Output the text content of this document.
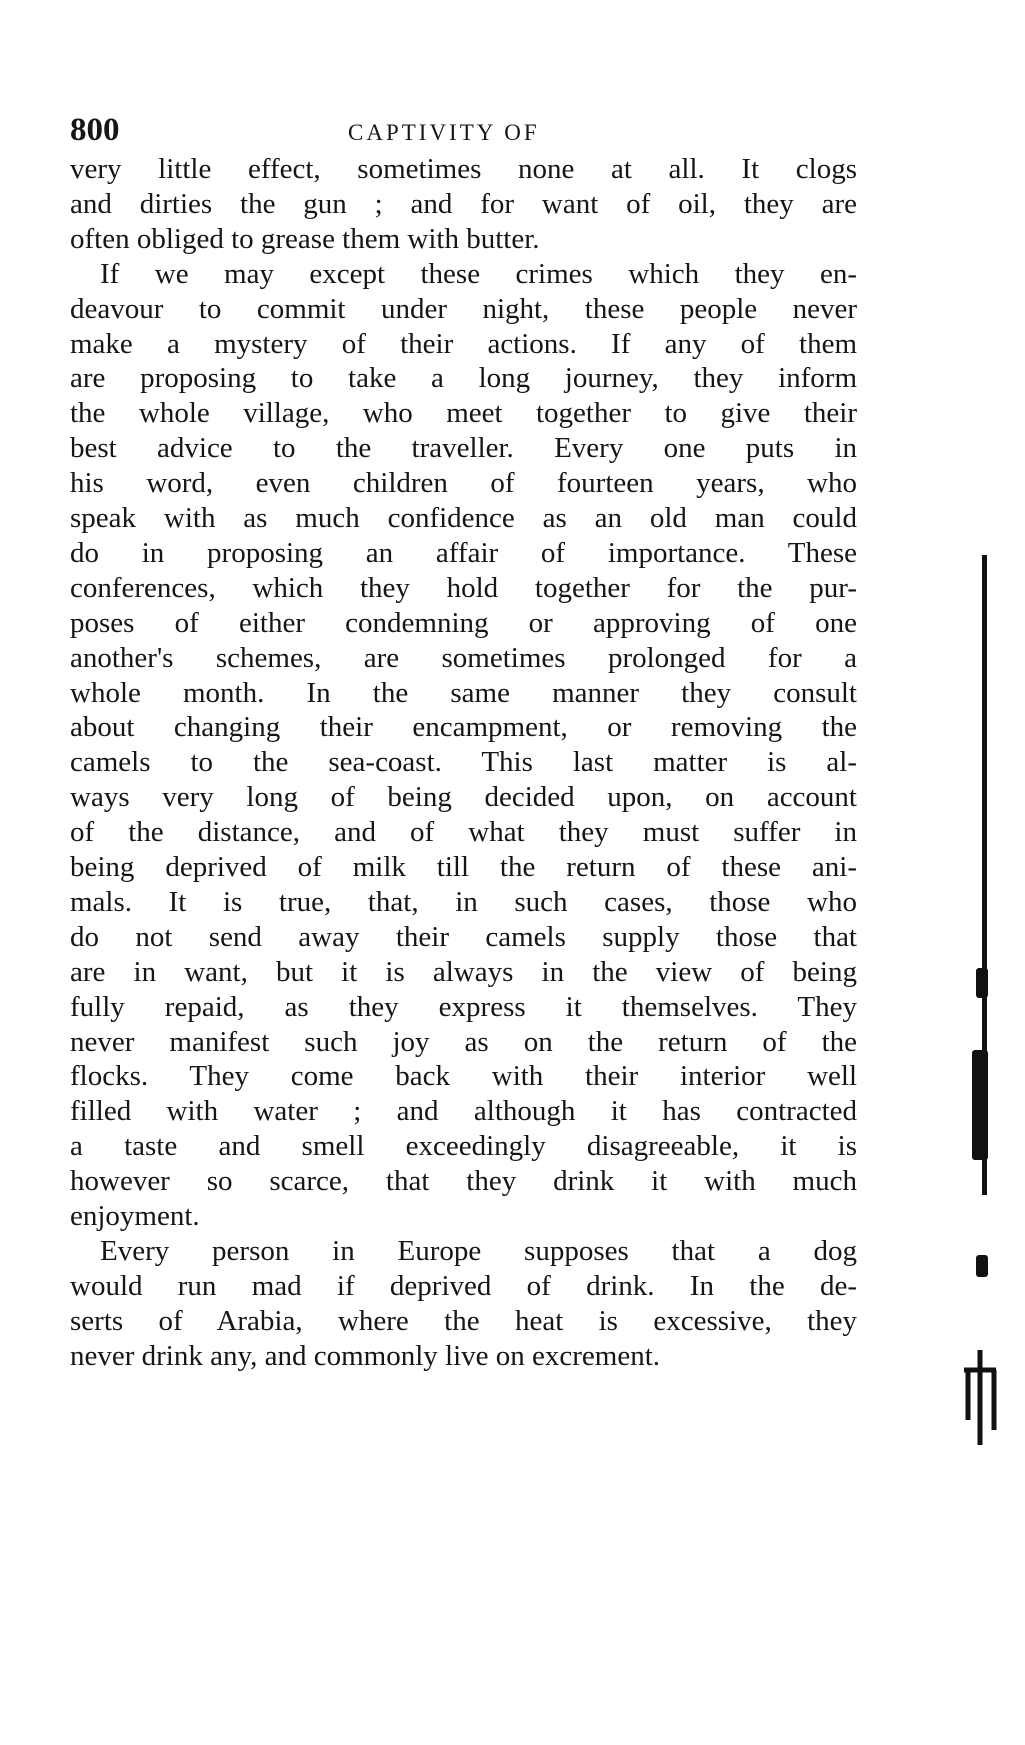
800	CAPTIVITY OF
very little effect, sometimes none at all. It clogs
and dirties the gun ; and for want of oil, they are
often obliged to grease them with butter.
If we may except these crimes which they en-
deavour to commit under night, these people never
make a mystery of their actions. If any of them
are proposing to take a long journey, they inform
the whole village, who meet together to give their
best advice to the traveller. Every one puts in
his word, even children of fourteen years, who
speak with as much confidence as an old man could
do in proposing an affair of importance. These
conferences, which they hold together for the pur-
poses of either condemning or approving of one
another's schemes, are sometimes prolonged for a
whole month. In the same manner they consult
about changing their encampment, or removing the
camels to the sea-coast. This last matter is al-
ways very long of being decided upon, on account
of the distance, and of what they must suffer in
being deprived of milk till the return of these ani-
mals. It is true, that, in such cases, those who
do not send away their camels supply those that
are in want, but it is always in the view of being
fully repaid, as they express it themselves. They
never manifest such joy as on the return of the
flocks. They come back with their interior well
filled with water ; and although it has contracted
a taste and smell exceedingly disagreeable, it is
however so scarce, that they drink it with much
enjoyment.
Every person in Europe supposes that a dog
would run mad if deprived of drink. In the de-
serts of Arabia, where the heat is excessive, they
never drink any, and commonly live on excrement.
